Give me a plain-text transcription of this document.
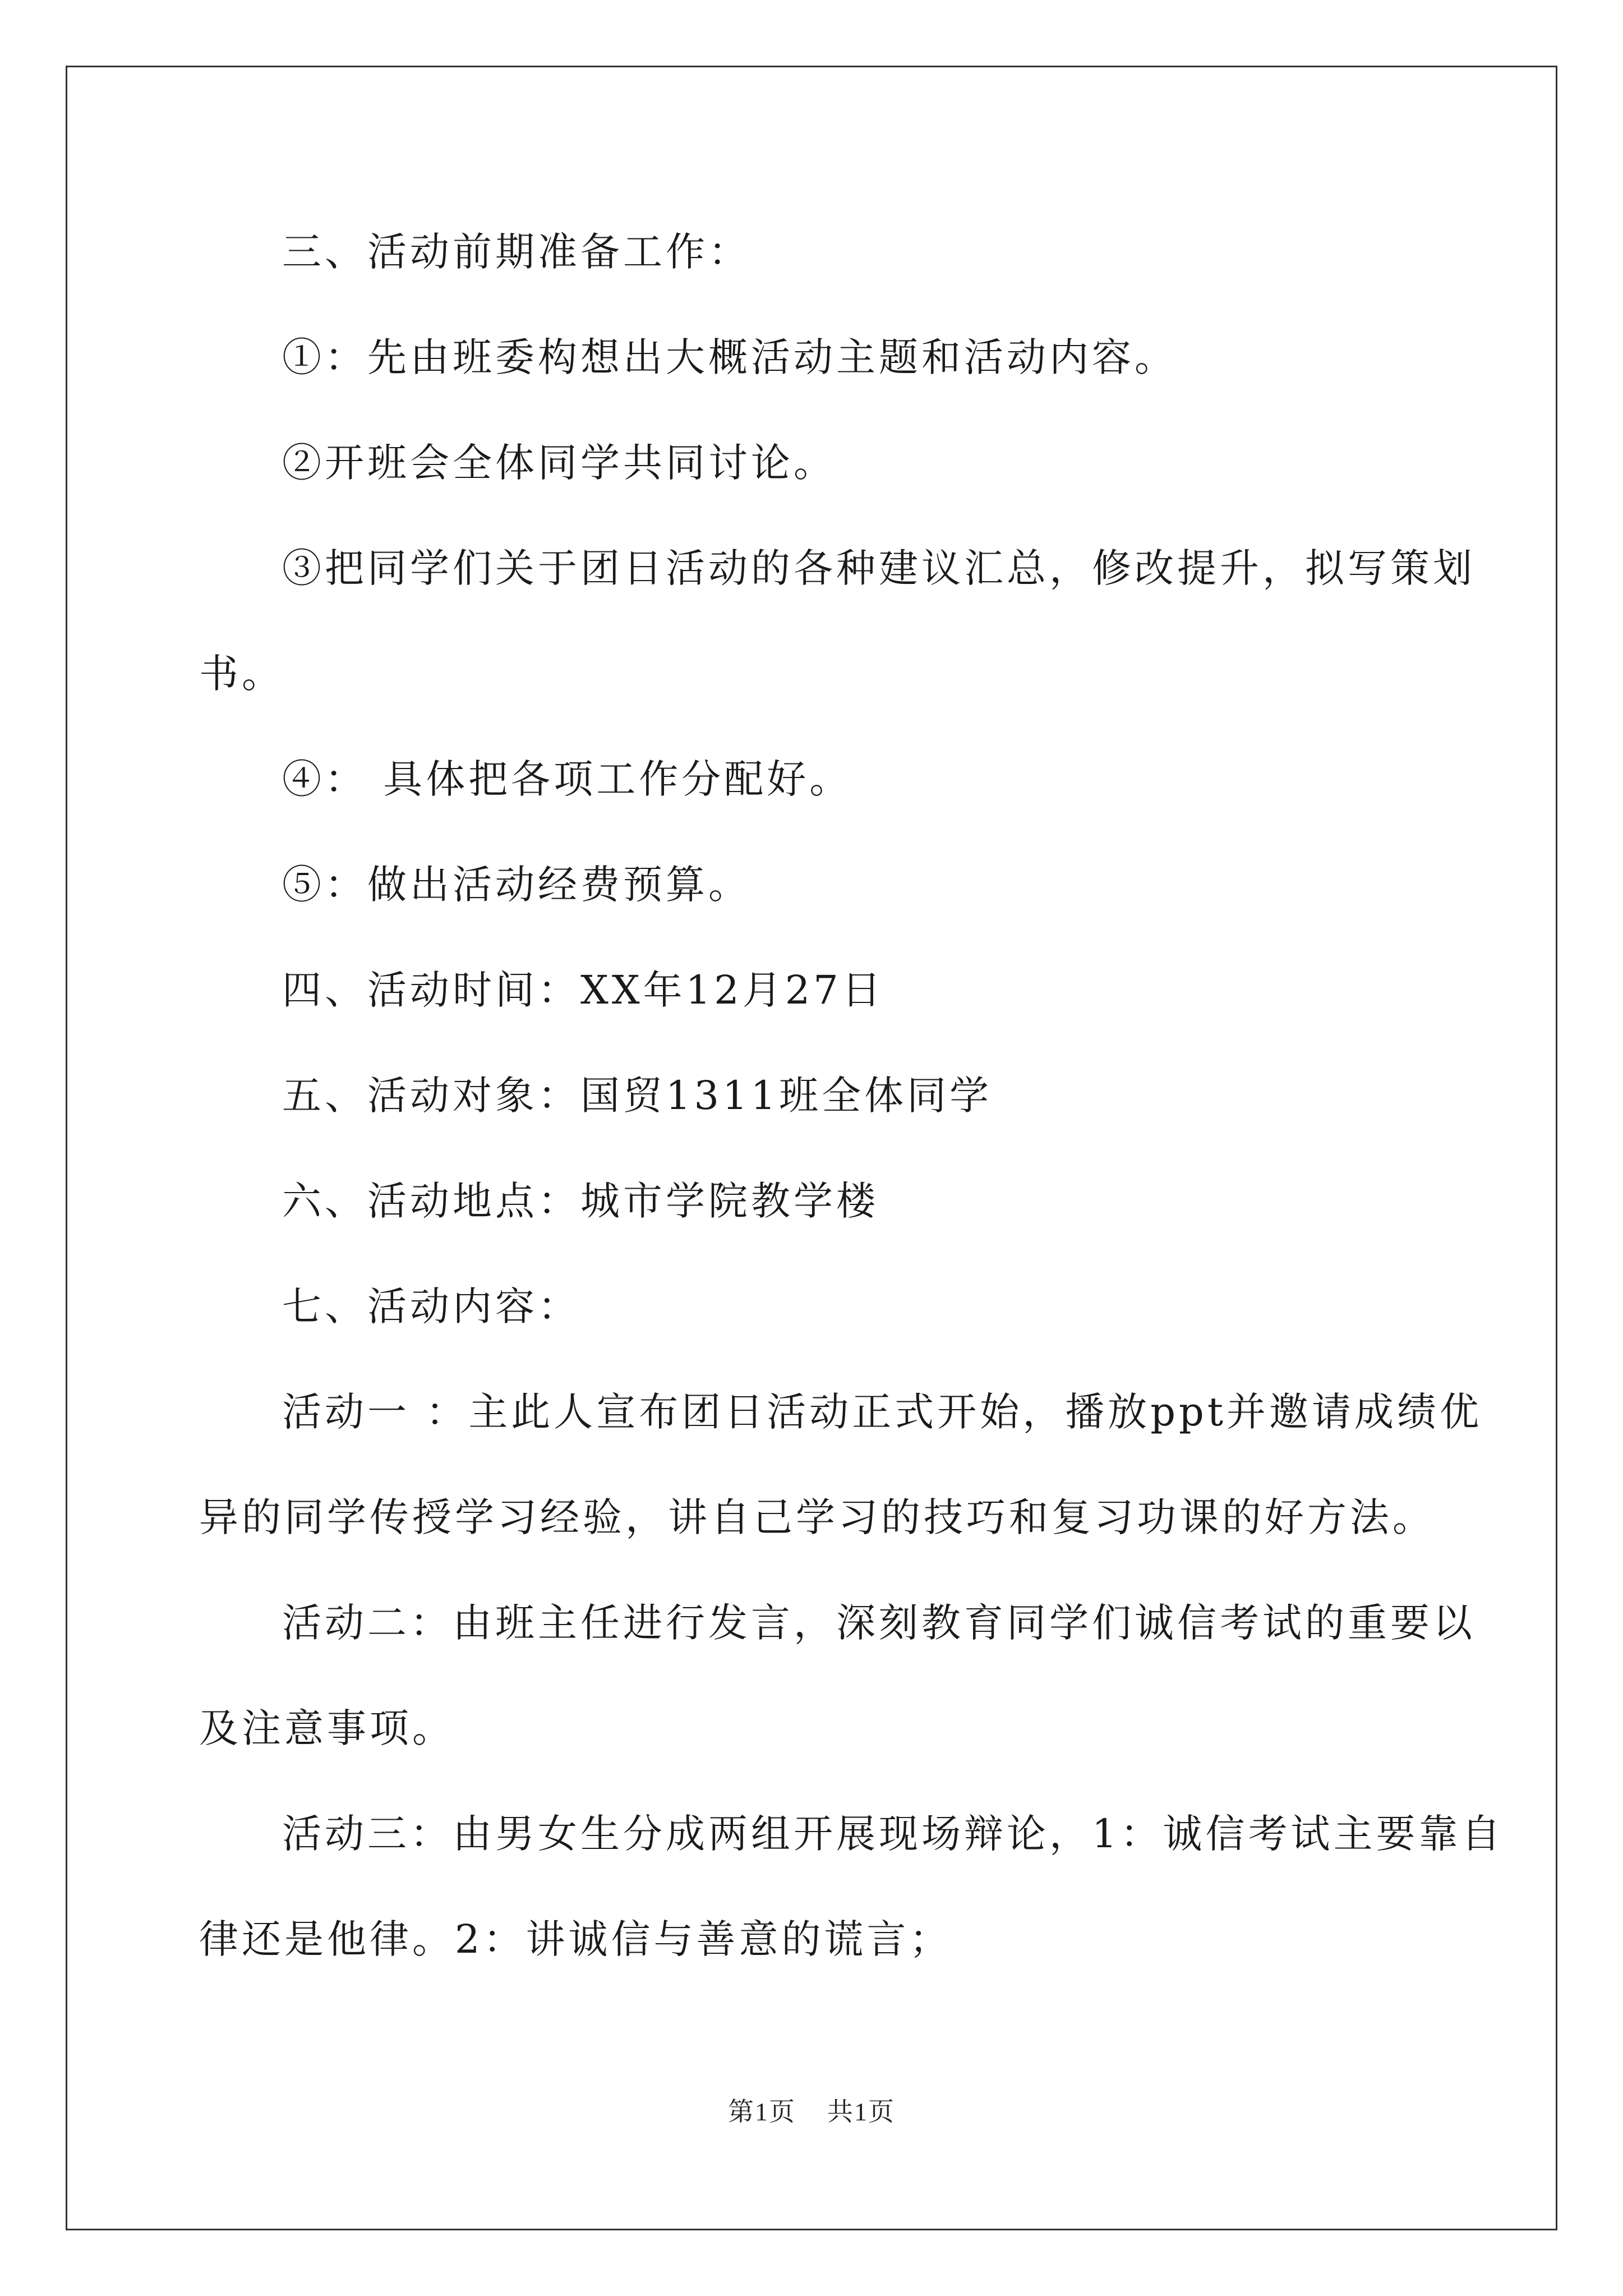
三、活动前期准备工作：

①：先由班委构想出大概活动主题和活动内容。

②开班会全体同学共同讨论。

③把同学们关于团日活动的各种建议汇总，修改提升，拟写策划

书。

④： 具体把各项工作分配好。

⑤：做出活动经费预算。

四、活动时间：XX年12月27日

五、活动对象：国贸1311班全体同学

六、活动地点：城市学院教学楼

七、活动内容：

活动一 ：主此人宣布团日活动正式开始，播放ppt并邀请成绩优

异的同学传授学习经验，讲自己学习的技巧和复习功课的好方法。

活动二：由班主任进行发言，深刻教育同学们诚信考试的重要以

及注意事项。

活动三：由男女生分成两组开展现场辩论，1：诚信考试主要靠自

律还是他律。2：讲诚信与善意的谎言；

第1页 共1页
